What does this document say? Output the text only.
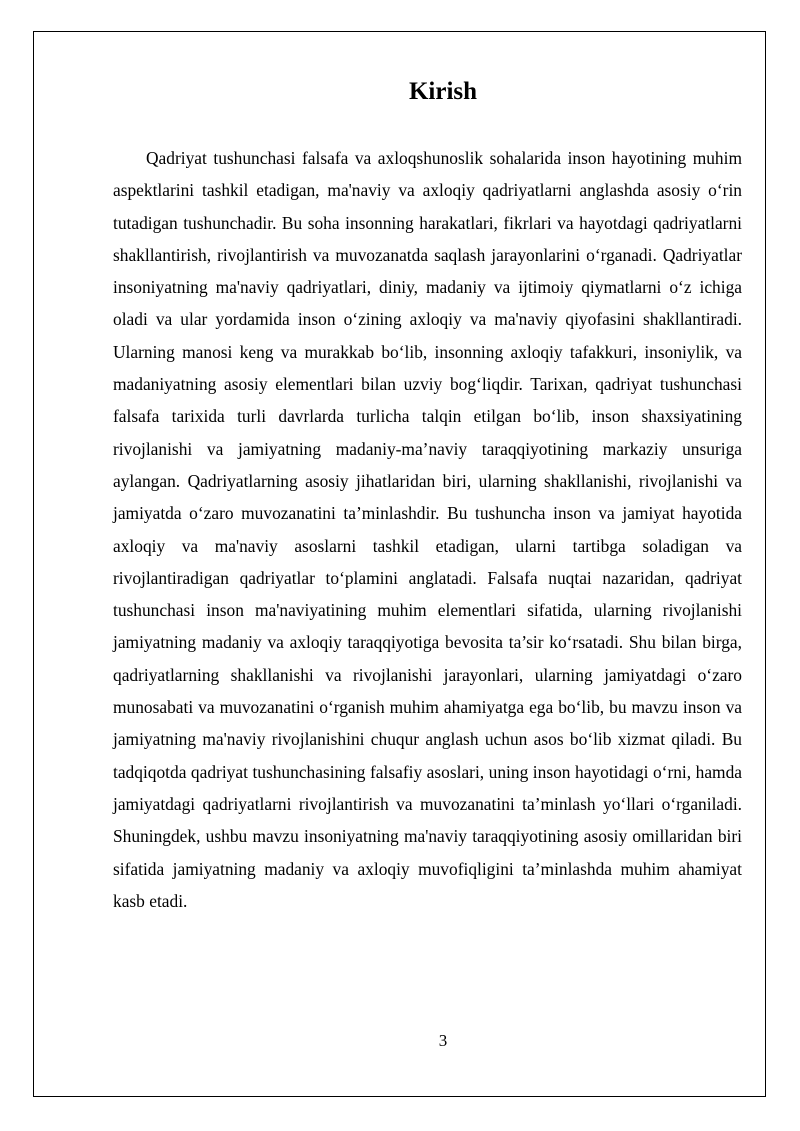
Kirish

Qadriyat tushunchasi falsafa va axloqshunoslik sohalarida inson hayotining muhim aspektlarini tashkil etadigan, ma'naviy va axloqiy qadriyatlarni anglashda asosiy o‘rin tutadigan tushunchadir. Bu soha insonning harakatlari, fikrlari va hayotdagi qadriyatlarni shakllantirish, rivojlantirish va muvozanatda saqlash jarayonlarini o‘rganadi. Qadriyatlar insoniyatning ma'naviy qadriyatlari, diniy, madaniy va ijtimoiy qiymatlarni o‘z ichiga oladi va ular yordamida inson o‘zining axloqiy va ma'naviy qiyofasini shakllantiradi. Ularning manosi keng va murakkab bo‘lib, insonning axloqiy tafakkuri, insoniylik, va madaniyatning asosiy elementlari bilan uzviy bog‘liqdir. Tarixan, qadriyat tushunchasi falsafa tarixida turli davrlarda turlicha talqin etilgan bo‘lib, inson shaxsiyatining rivojlanishi va jamiyatning madaniy-ma’naviy taraqqiyotining markaziy unsuriga aylangan. Qadriyatlarning asosiy jihatlaridan biri, ularning shakllanishi, rivojlanishi va jamiyatda o‘zaro muvozanatini ta’minlashdir. Bu tushuncha inson va jamiyat hayotida axloqiy va ma'naviy asoslarni tashkil etadigan, ularni tartibga soladigan va rivojlantiradigan qadriyatlar to‘plamini anglatadi. Falsafa nuqtai nazaridan, qadriyat tushunchasi inson ma'naviyatining muhim elementlari sifatida, ularning rivojlanishi jamiyatning madaniy va axloqiy taraqqiyotiga bevosita ta’sir ko‘rsatadi. Shu bilan birga, qadriyatlarning shakllanishi va rivojlanishi jarayonlari, ularning jamiyatdagi o‘zaro munosabati va muvozanatini o‘rganish muhim ahamiyatga ega bo‘lib, bu mavzu inson va jamiyatning ma'naviy rivojlanishini chuqur anglash uchun asos bo‘lib xizmat qiladi. Bu tadqiqotda qadriyat tushunchasining falsafiy asoslari, uning inson hayotidagi o‘rni, hamda jamiyatdagi qadriyatlarni rivojlantirish va muvozanatini ta’minlash yo‘llari o‘rganiladi. Shuningdek, ushbu mavzu insoniyatning ma'naviy taraqqiyotining asosiy omillaridan biri sifatida jamiyatning madaniy va axloqiy muvofiqligini ta’minlashda muhim ahamiyat kasb etadi.

3
